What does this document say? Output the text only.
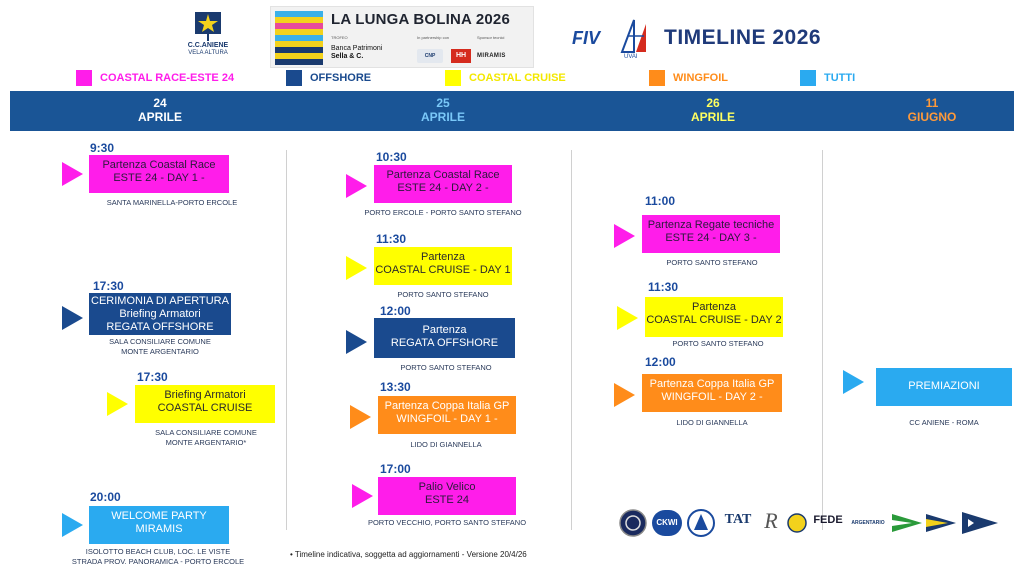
C.C.ANIENE
VELA ALTURA
LA LUNGA BOLINA 2026
TROFEO	In partnership con	Sponsor tecnici
Banca Patrimoni
Sella & C.	CNP	HH	MIRAMIS
FIV
UVAI
TIMELINE 2026
COASTAL RACE-ESTE 24	OFFSHORE	COASTAL CRUISE	WINGFOIL	TUTTI
24
APRILE
25
APRILE
26
APRILE
11
GIUGNO
9:30
Partenza Coastal Race
ESTE 24 - DAY 1 -
SANTA MARINELLA-PORTO ERCOLE
17:30
CERIMONIA DI APERTURA
Briefing Armatori
REGATA OFFSHORE
SALA CONSILIARE COMUNE
MONTE ARGENTARIO
17:30
Briefing Armatori
COASTAL CRUISE
SALA CONSILIARE COMUNE
MONTE ARGENTARIO*
20:00
WELCOME PARTY
MIRAMIS
ISOLOTTO BEACH CLUB, LOC. LE VISTE
STRADA PROV. PANORAMICA - PORTO ERCOLE
10:30
Partenza Coastal Race
ESTE 24 - DAY 2 -
PORTO ERCOLE - PORTO SANTO STEFANO
11:30
Partenza
COASTAL CRUISE - DAY 1
PORTO SANTO STEFANO
12:00
Partenza
REGATA OFFSHORE
PORTO SANTO STEFANO
13:30
Partenza Coppa Italia GP
WINGFOIL - DAY 1 -
LIDO DI GIANNELLA
17:00
Palio Velico
ESTE 24
PORTO VECCHIO, PORTO SANTO STEFANO
11:00
Partenza Regate tecniche
ESTE 24 - DAY 3 -
PORTO SANTO STEFANO
11:30
Partenza
COASTAL CRUISE - DAY 2
PORTO SANTO STEFANO
12:00
Partenza Coppa Italia GP
WINGFOIL - DAY 2 -
LIDO DI GIANNELLA
PREMIAZIONI
CC ANIENE - ROMA
• Timeline indicativa, soggetta ad aggiornamenti - Versione 20/4/26
CKWI	TAT R	FEDE	ARGENTARIO
